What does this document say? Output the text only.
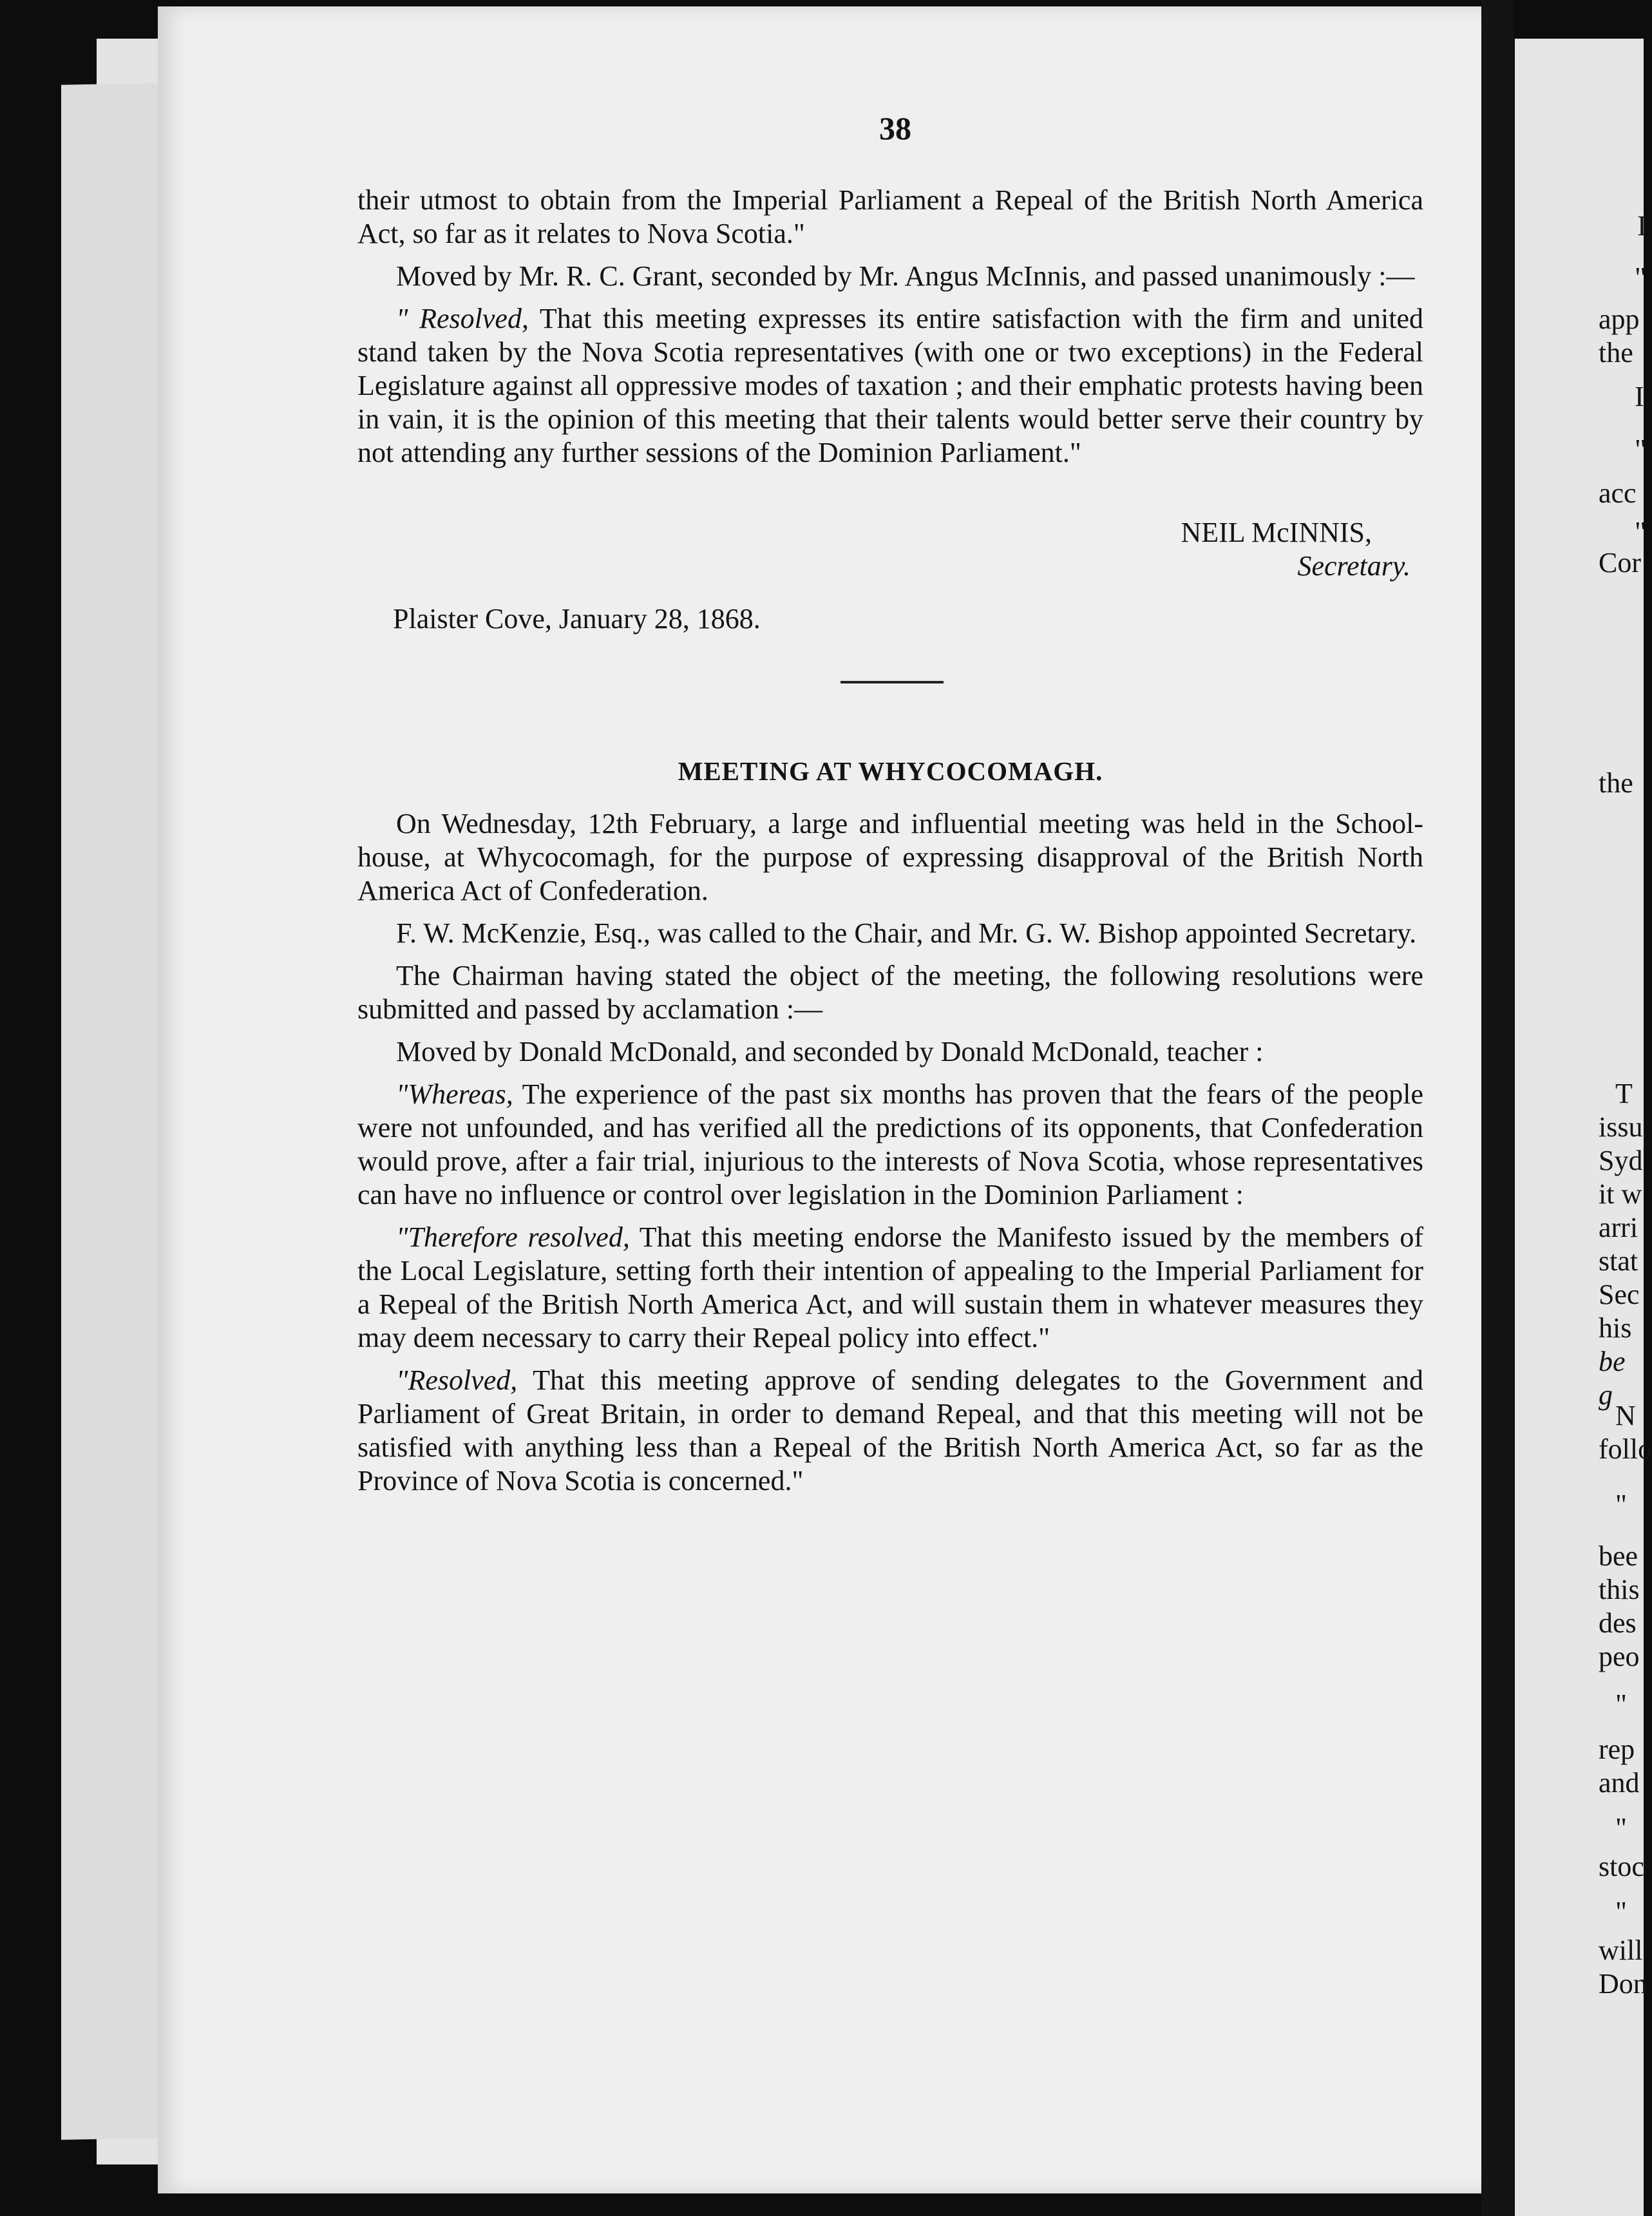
38

their utmost to obtain from the Imperial Parliament a Repeal of the British North America Act, so far as it relates to Nova Scotia."

Moved by Mr. R. C. Grant, seconded by Mr. Angus McInnis, and passed unanimously :—

" Resolved, That this meeting expresses its entire satisfaction with the firm and united stand taken by the Nova Scotia representatives (with one or two exceptions) in the Federal Legislature against all oppressive modes of taxation ; and their emphatic protests having been in vain, it is the opinion of this meeting that their talents would better serve their country by not attending any further sessions of the Dominion Parliament."

NEIL McINNIS,

Secretary.

Plaister Cove, January 28, 1868.

MEETING AT WHYCOCOMAGH.

On Wednesday, 12th February, a large and influential meeting was held in the School-house, at Whycocomagh, for the purpose of expressing disapproval of the British North America Act of Confederation.

F. W. McKenzie, Esq., was called to the Chair, and Mr. G. W. Bishop appointed Secretary.

The Chairman having stated the object of the meeting, the following resolutions were submitted and passed by acclamation :—

Moved by Donald McDonald, and seconded by Donald McDonald, teacher :

"Whereas, The experience of the past six months has proven that the fears of the people were not unfounded, and has verified all the predictions of its opponents, that Confederation would prove, after a fair trial, injurious to the interests of Nova Scotia, whose representatives can have no influence or control over legislation in the Dominion Parliament :

"Therefore resolved, That this meeting endorse the Manifesto issued by the members of the Local Legislature, setting forth their intention of appealing to the Imperial Parliament for a Repeal of the British North America Act, and will sustain them in whatever measures they may deem necessary to carry their Repeal policy into effect."

"Resolved, That this meeting approve of sending delegates to the Government and Parliament of Great Britain, in order to demand Repeal, and that this meeting will not be satisfied with anything less than a Repeal of the British North America Act, so far as the Province of Nova Scotia is concerned."

I
"
app
the
I
"
acc
"
Cor
the
T
issu
Syd
it w
arri
stat
Sec
his
be g
N
follo
"
bee
this
des
peo
"
rep
and
"
stoc
"
will
Don
